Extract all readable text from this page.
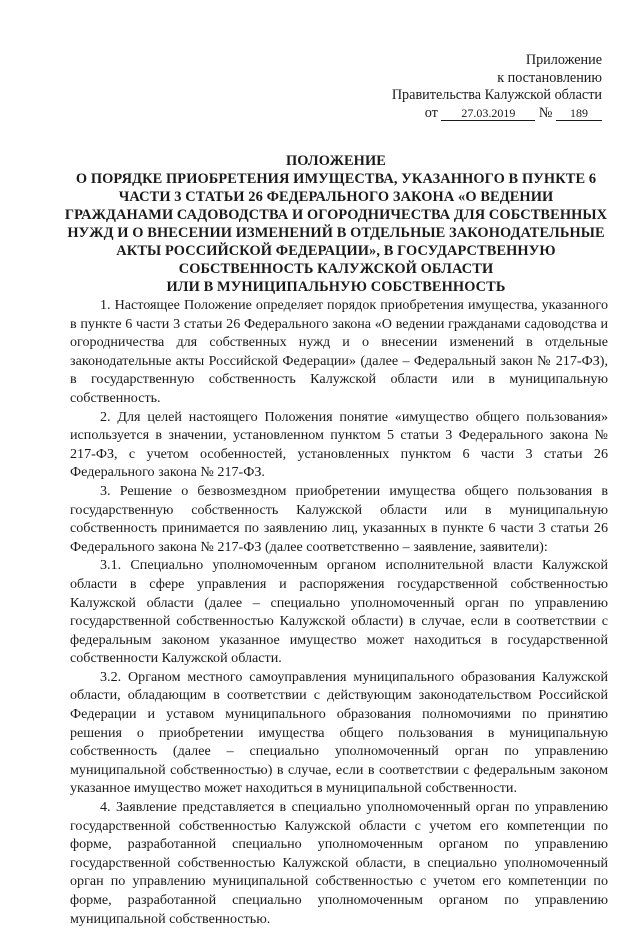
Приложение
к постановлению
Правительства Калужской области
от 27.03.2019 № 189
ПОЛОЖЕНИЕ
О ПОРЯДКЕ ПРИОБРЕТЕНИЯ ИМУЩЕСТВА, УКАЗАННОГО В ПУНКТЕ 6
ЧАСТИ 3 СТАТЬИ 26 ФЕДЕРАЛЬНОГО ЗАКОНА «О ВЕДЕНИИ
ГРАЖДАНАМИ САДОВОДСТВА И ОГОРОДНИЧЕСТВА ДЛЯ СОБСТВЕННЫХ
НУЖД И О ВНЕСЕНИИ ИЗМЕНЕНИЙ В ОТДЕЛЬНЫЕ ЗАКОНОДАТЕЛЬНЫЕ
АКТЫ РОССИЙСКОЙ ФЕДЕРАЦИИ», В ГОСУДАРСТВЕННУЮ
СОБСТВЕННОСТЬ КАЛУЖСКОЙ ОБЛАСТИ
ИЛИ В МУНИЦИПАЛЬНУЮ СОБСТВЕННОСТЬ

1. Настоящее Положение определяет порядок приобретения имущества, указанного в пункте 6 части 3 статьи 26 Федерального закона «О ведении гражданами садоводства и огородничества для собственных нужд и о внесении изменений в отдельные законодательные акты Российской Федерации» (далее – Федеральный закон № 217-ФЗ), в государственную собственность Калужской области или в муниципальную собственность.

2. Для целей настоящего Положения понятие «имущество общего пользования» используется в значении, установленном пунктом 5 статьи 3 Федерального закона № 217-ФЗ, с учетом особенностей, установленных пунктом 6 части 3 статьи 26 Федерального закона № 217-ФЗ.

3. Решение о безвозмездном приобретении имущества общего пользования в государственную собственность Калужской области или в муниципальную собственность принимается по заявлению лиц, указанных в пункте 6 части 3 статьи 26 Федерального закона № 217-ФЗ (далее соответственно – заявление, заявители):

3.1. Специально уполномоченным органом исполнительной власти Калужской области в сфере управления и распоряжения государственной собственностью Калужской области (далее – специально уполномоченный орган по управлению государственной собственностью Калужской области) в случае, если в соответствии с федеральным законом указанное имущество может находиться в государственной собственности Калужской области.

3.2. Органом местного самоуправления муниципального образования Калужской области, обладающим в соответствии с действующим законодательством Российской Федерации и уставом муниципального образования полномочиями по принятию решения о приобретении имущества общего пользования в муниципальную собственность (далее – специально уполномоченный орган по управлению муниципальной собственностью) в случае, если в соответствии с федеральным законом указанное имущество может находиться в муниципальной собственности.

4. Заявление представляется в специально уполномоченный орган по управлению государственной собственностью Калужской области с учетом его компетенции по форме, разработанной специально уполномоченным органом по управлению государственной собственностью Калужской области, в специально уполномоченный орган по управлению муниципальной собственностью с учетом его компетенции по форме, разработанной специально уполномоченным органом по управлению муниципальной собственностью.
